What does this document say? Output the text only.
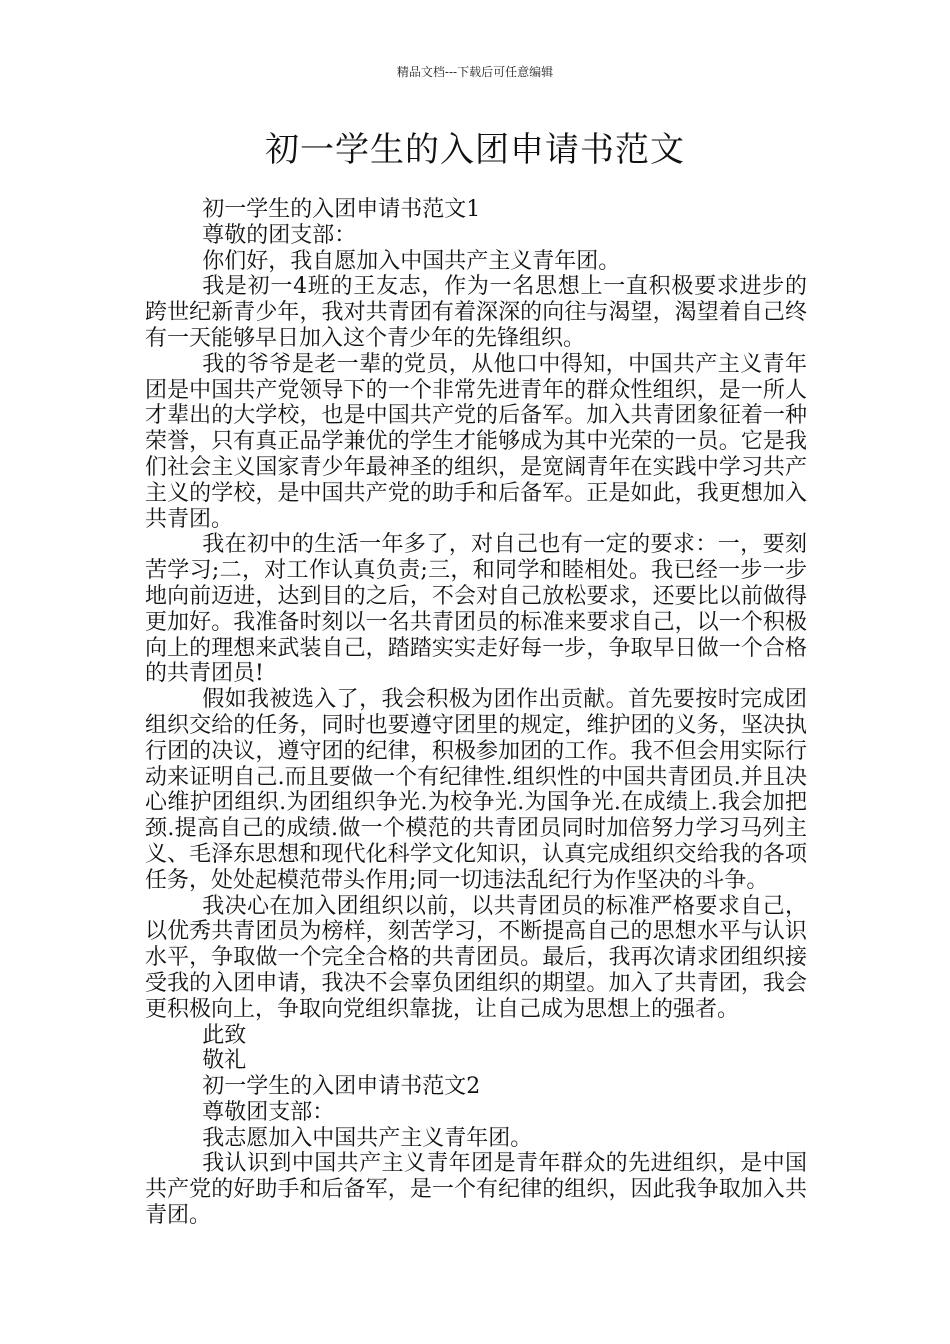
精品文档---下载后可任意编辑
初一学生的入团申请书范文

初一学生的入团申请书范文1

尊敬的团支部：

你们好，我自愿加入中国共产主义青年团。

我是初一4班的王友志，作为一名思想上一直积极要求进步的跨世纪新青少年，我对共青团有着深深的向往与渴望，渴望着自己终有一天能够早日加入这个青少年的先锋组织。

我的爷爷是老一辈的党员，从他口中得知，中国共产主义青年团是中国共产党领导下的一个非常先进青年的群众性组织，是一所人才辈出的大学校，也是中国共产党的后备军。加入共青团象征着一种荣誉，只有真正品学兼优的学生才能够成为其中光荣的一员。它是我们社会主义国家青少年最神圣的组织，是宽阔青年在实践中学习共产主义的学校，是中国共产党的助手和后备军。正是如此，我更想加入共青团。

我在初中的生活一年多了，对自己也有一定的要求：一，要刻苦学习;二，对工作认真负责;三，和同学和睦相处。我已经一步一步地向前迈进，达到目的之后，不会对自己放松要求，还要比以前做得更加好。我准备时刻以一名共青团员的标准来要求自己，以一个积极向上的理想来武装自己，踏踏实实走好每一步，争取早日做一个合格的共青团员!

假如我被选入了，我会积极为团作出贡献。首先要按时完成团组织交给的任务，同时也要遵守团里的规定，维护团的义务，坚决执行团的决议，遵守团的纪律，积极参加团的工作。我不但会用实际行动来证明自己.而且要做一个有纪律性.组织性的中国共青团员.并且决心维护团组织.为团组织争光.为校争光.为国争光.在成绩上.我会加把颈.提高自己的成绩.做一个模范的共青团员同时加倍努力学习马列主义、毛泽东思想和现代化科学文化知识，认真完成组织交给我的各项任务，处处起模范带头作用;同一切违法乱纪行为作坚决的斗争。

我决心在加入团组织以前，以共青团员的标准严格要求自己，以优秀共青团员为榜样，刻苦学习，不断提高自己的思想水平与认识水平，争取做一个完全合格的共青团员。最后，我再次请求团组织接受我的入团申请，我决不会辜负团组织的期望。加入了共青团，我会更积极向上，争取向党组织靠拢，让自己成为思想上的强者。

此致

敬礼

初一学生的入团申请书范文2

尊敬团支部：

我志愿加入中国共产主义青年团。

我认识到中国共产主义青年团是青年群众的先进组织，是中国共产党的好助手和后备军，是一个有纪律的组织，因此我争取加入共青团。
